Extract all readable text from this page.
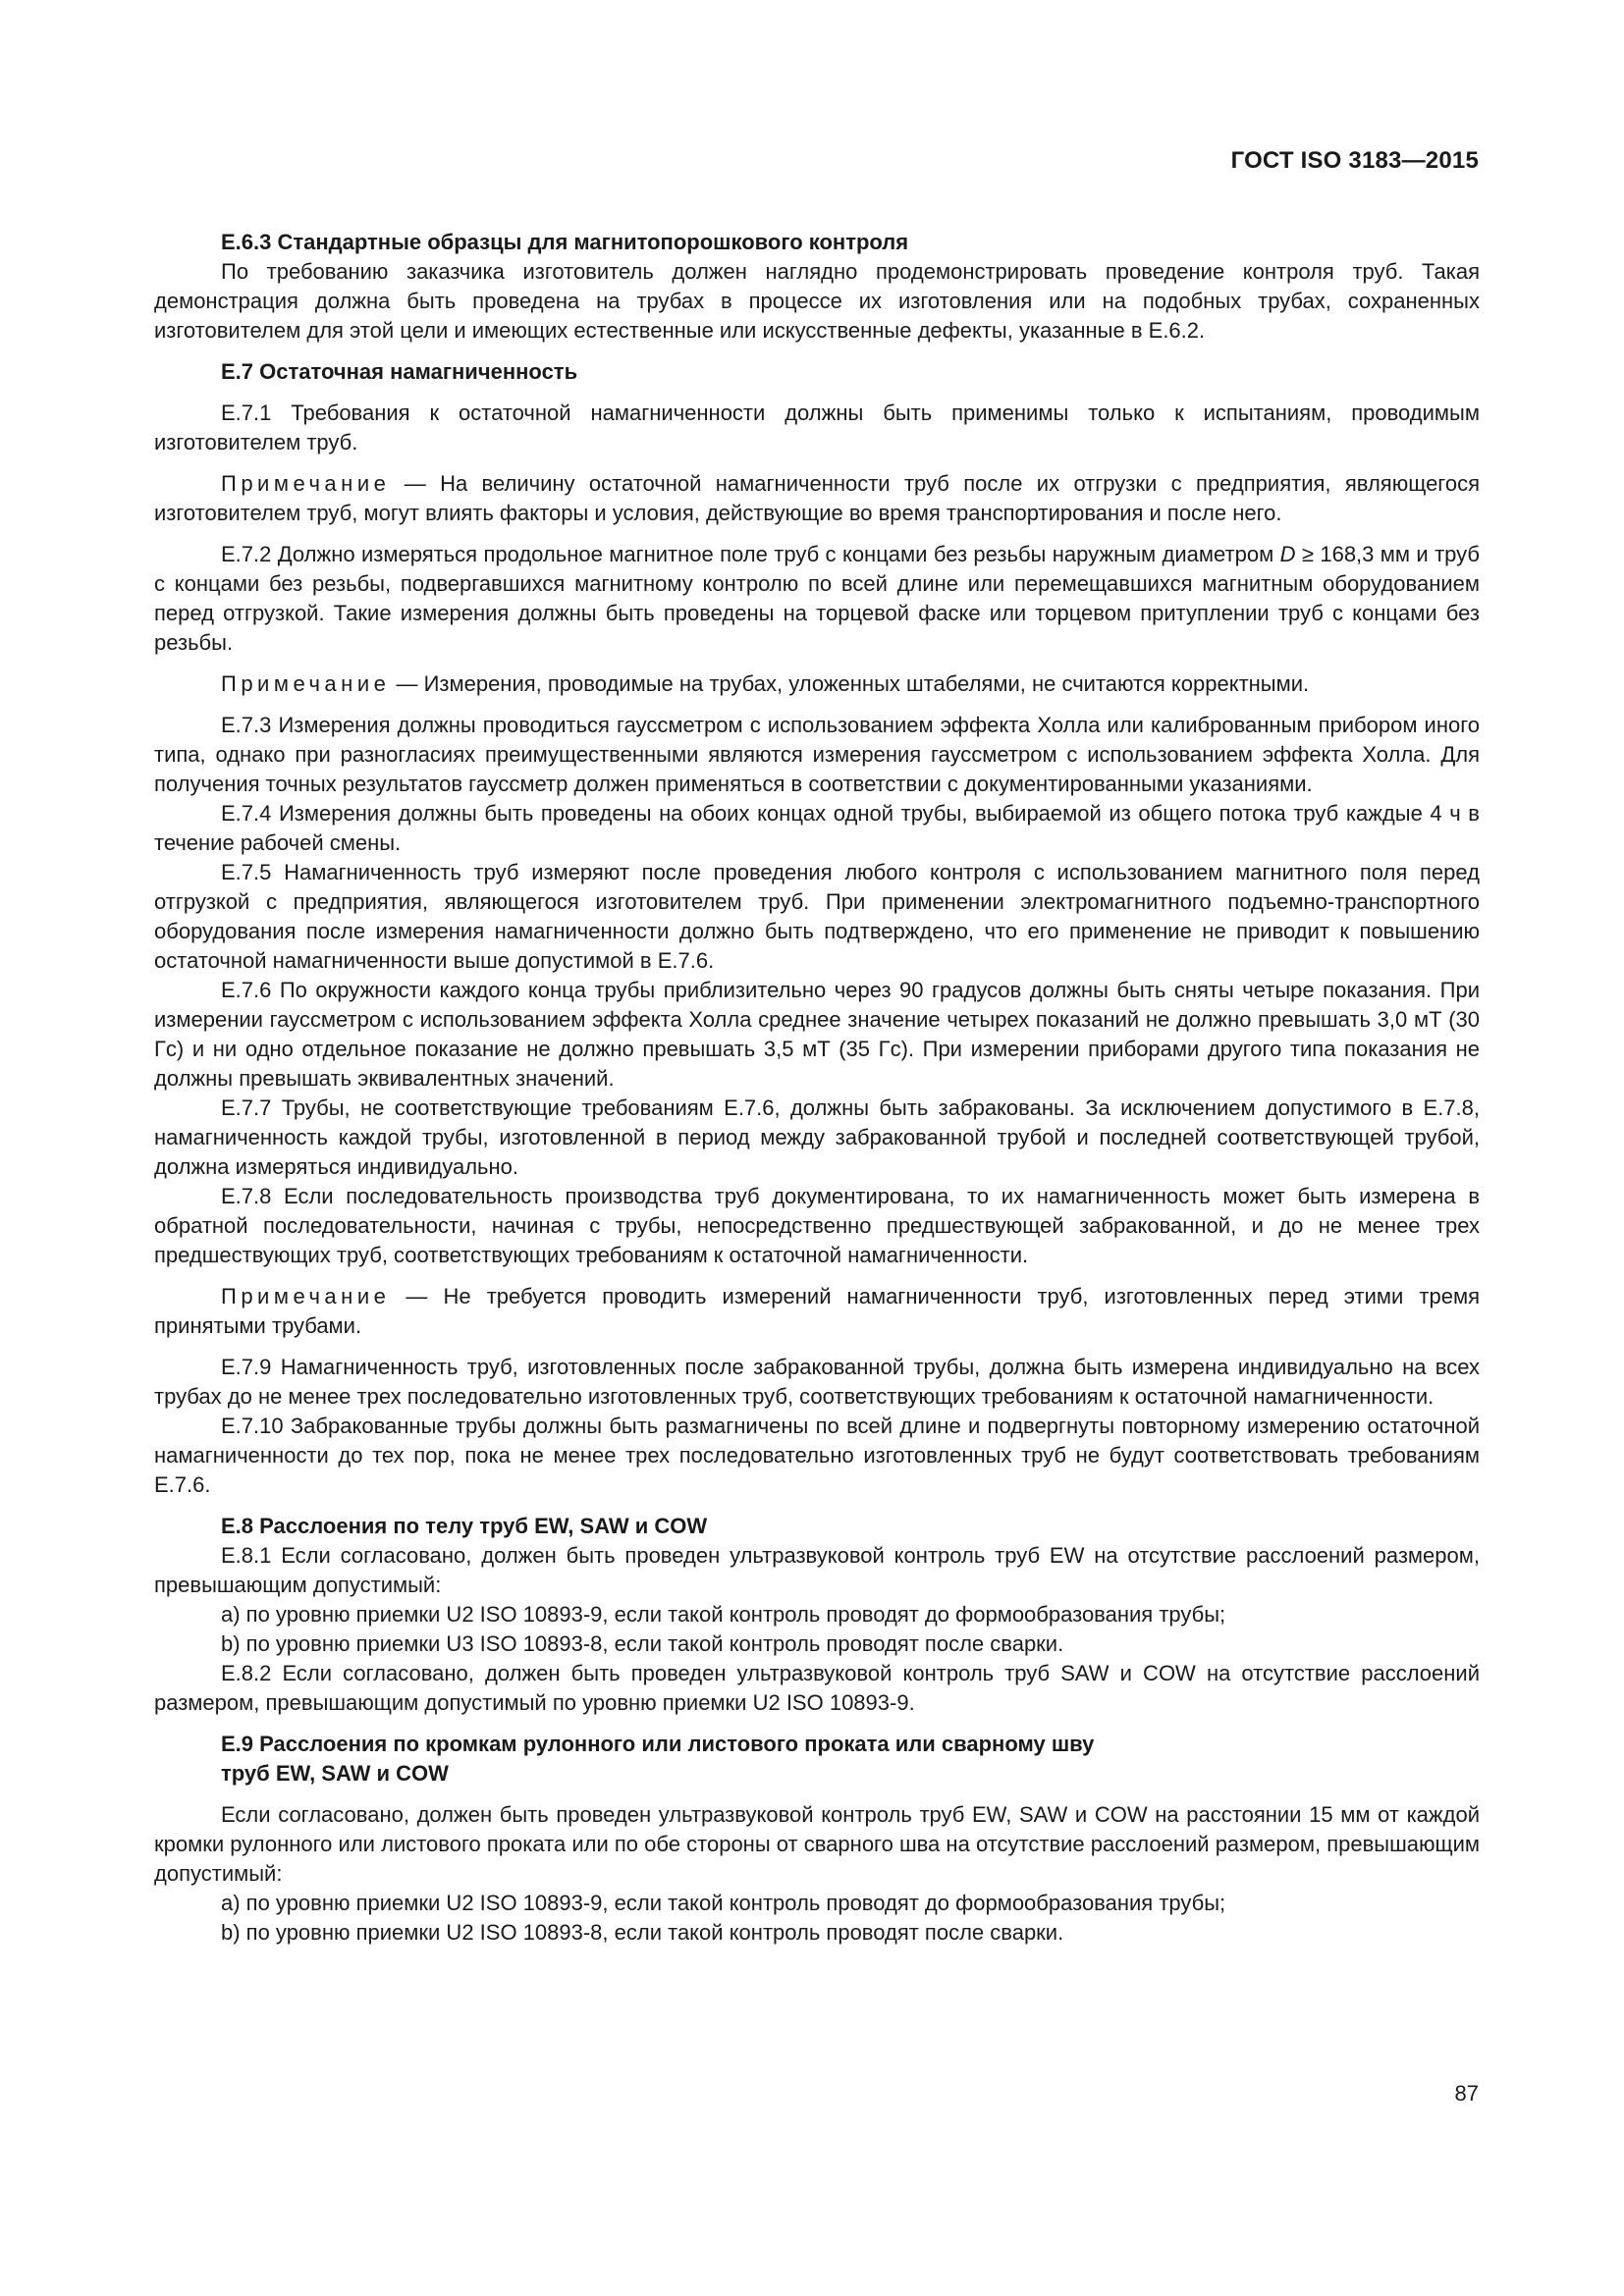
ГОСТ ISO 3183—2015
Е.6.3 Стандартные образцы для магнитопорошкового контроля

По требованию заказчика изготовитель должен наглядно продемонстрировать проведение контроля труб. Такая демонстрация должна быть проведена на трубах в процессе их изготовления или на подобных трубах, сохраненных изготовителем для этой цели и имеющих естественные или искусственные дефекты, указанные в Е.6.2.

Е.7 Остаточная намагниченность

Е.7.1 Требования к остаточной намагниченности должны быть применимы только к испытаниям, проводимым изготовителем труб.

Примечание — На величину остаточной намагниченности труб после их отгрузки с предприятия, являющегося изготовителем труб, могут влиять факторы и условия, действующие во время транспортирования и после него.

Е.7.2 Должно измеряться продольное магнитное поле труб с концами без резьбы наружным диаметром D ≥ 168,3 мм и труб с концами без резьбы, подвергавшихся магнитному контролю по всей длине или перемещавшихся магнитным оборудованием перед отгрузкой. Такие измерения должны быть проведены на торцевой фаске или торцевом притуплении труб с концами без резьбы.

Примечание — Измерения, проводимые на трубах, уложенных штабелями, не считаются корректными.

Е.7.3 Измерения должны проводиться гауссметром с использованием эффекта Холла или калиброванным прибором иного типа, однако при разногласиях преимущественными являются измерения гауссметром с использованием эффекта Холла. Для получения точных результатов гауссметр должен применяться в соответствии с документированными указаниями.

Е.7.4 Измерения должны быть проведены на обоих концах одной трубы, выбираемой из общего потока труб каждые 4 ч в течение рабочей смены.

Е.7.5 Намагниченность труб измеряют после проведения любого контроля с использованием магнитного поля перед отгрузкой с предприятия, являющегося изготовителем труб. При применении электромагнитного подъемно-транспортного оборудования после измерения намагниченности должно быть подтверждено, что его применение не приводит к повышению остаточной намагниченности выше допустимой в Е.7.6.

Е.7.6 По окружности каждого конца трубы приблизительно через 90 градусов должны быть сняты четыре показания. При измерении гауссметром с использованием эффекта Холла среднее значение четырех показаний не должно превышать 3,0 мТ (30 Гс) и ни одно отдельное показание не должно превышать 3,5 мТ (35 Гс). При измерении приборами другого типа показания не должны превышать эквивалентных значений.

Е.7.7 Трубы, не соответствующие требованиям Е.7.6, должны быть забракованы. За исключением допустимого в Е.7.8, намагниченность каждой трубы, изготовленной в период между забракованной трубой и последней соответствующей трубой, должна измеряться индивидуально.

Е.7.8 Если последовательность производства труб документирована, то их намагниченность может быть измерена в обратной последовательности, начиная с трубы, непосредственно предшествующей забракованной, и до не менее трех предшествующих труб, соответствующих требованиям к остаточной намагниченности.

Примечание — Не требуется проводить измерений намагниченности труб, изготовленных перед этими тремя принятыми трубами.

Е.7.9 Намагниченность труб, изготовленных после забракованной трубы, должна быть измерена индивидуально на всех трубах до не менее трех последовательно изготовленных труб, соответствующих требованиям к остаточной намагниченности.

Е.7.10 Забракованные трубы должны быть размагничены по всей длине и подвергнуты повторному измерению остаточной намагниченности до тех пор, пока не менее трех последовательно изготовленных труб не будут соответствовать требованиям Е.7.6.

Е.8 Расслоения по телу труб EW, SAW и COW

Е.8.1 Если согласовано, должен быть проведен ультразвуковой контроль труб EW на отсутствие расслоений размером, превышающим допустимый:

a) по уровню приемки U2 ISO 10893-9, если такой контроль проводят до формообразования трубы;

b) по уровню приемки U3 ISO 10893-8, если такой контроль проводят после сварки.

Е.8.2 Если согласовано, должен быть проведен ультразвуковой контроль труб SAW и COW на отсутствие расслоений размером, превышающим допустимый по уровню приемки U2 ISO 10893-9.

Е.9 Расслоения по кромкам рулонного или листового проката или сварному шву
труб EW, SAW и COW

Если согласовано, должен быть проведен ультразвуковой контроль труб EW, SAW и COW на расстоянии 15 мм от каждой кромки рулонного или листового проката или по обе стороны от сварного шва на отсутствие расслоений размером, превышающим допустимый:

a) по уровню приемки U2 ISO 10893-9, если такой контроль проводят до формообразования трубы;

b) по уровню приемки U2 ISO 10893-8, если такой контроль проводят после сварки.

87
